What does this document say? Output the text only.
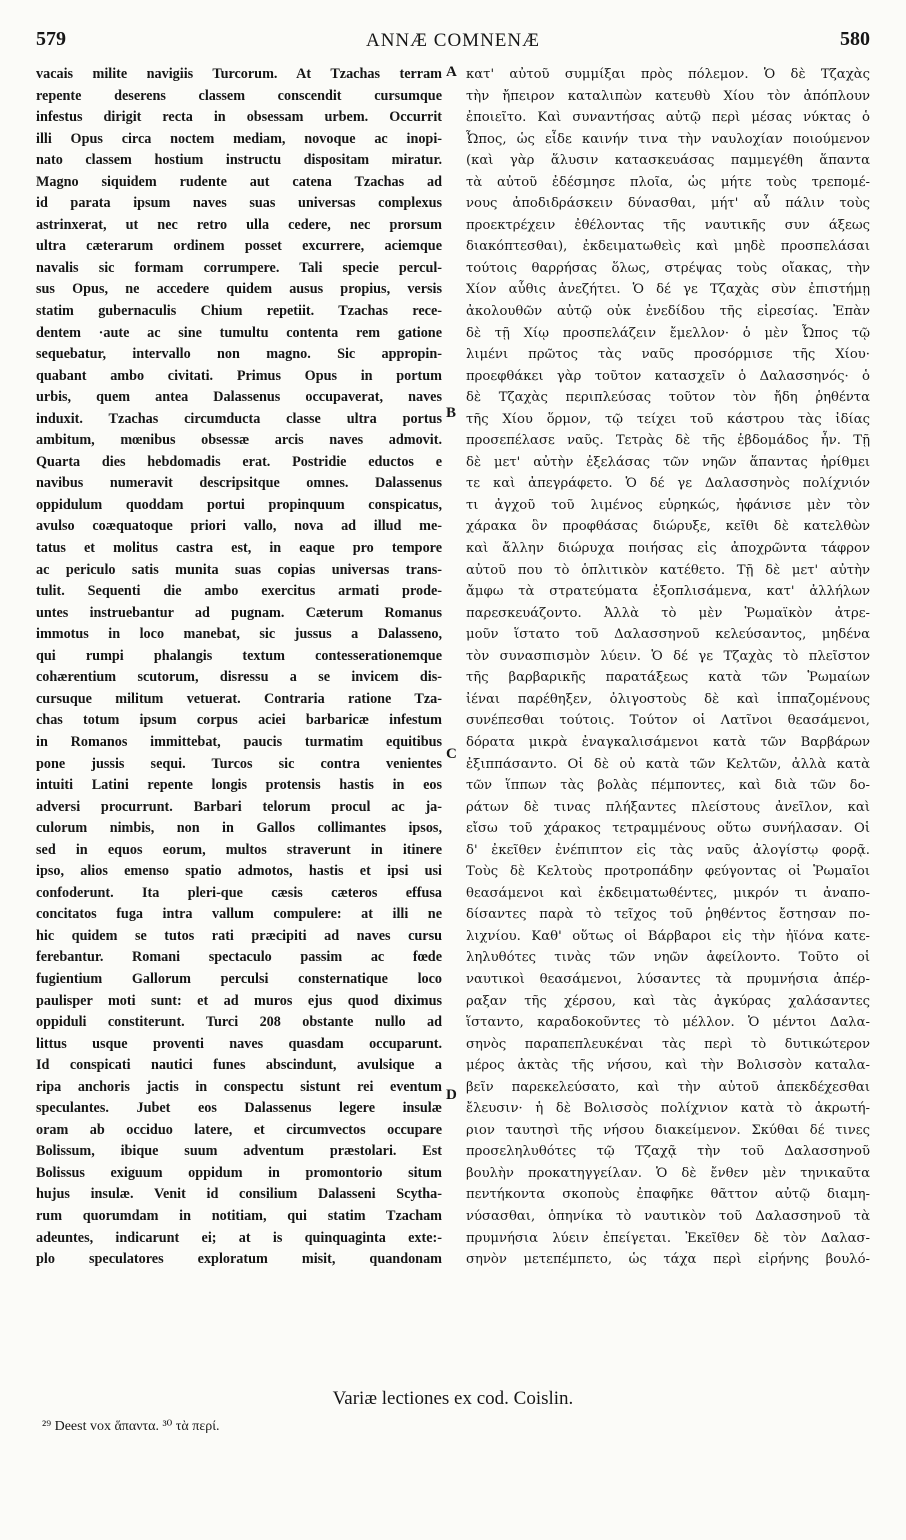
579	ANNÆ COMNENÆ	580
vacais milite navigiis Turcorum. At Tzachas terram
repente deserens classem conscendit cursumque
infestus dirigit recta in obsessam urbem. Occurrit
illi Opus circa noctem mediam, novoque ac inopi-
nato classem hostium instructu dispositam miratur.
Magno siquidem rudente aut catena Tzachas ad
id parata ipsum naves suas universas complexus
astrinxerat, ut nec retro ulla cedere, nec prorsum
ultra cæterarum ordinem posset excurrere, aciemque
navalis sic formam corrumpere. Tali specie percul-
sus Opus, ne accedere quidem ausus propius, versis
statim gubernaculis Chium repetiit. Tzachas rece-
dentem ·aute ac sine tumultu contenta rem gatione
sequebatur, intervallo non magno. Sic appropin-
quabant ambo civitati. Primus Opus in portum
urbis, quem antea Dalassenus occupaverat, naves
induxit. Tzachas circumducta classe ultra portus
ambitum, mœnibus obsessæ arcis naves admovit.
Quarta dies hebdomadis erat. Postridie eductos e
navibus numeravit descripsitque omnes. Dalassenus
oppidulum quoddam portui propinquum conspicatus,
avulso coæquatoque priori vallo, nova ad illud me-
tatus et molitus castra est, in eaque pro tempore
ac periculo satis munita suas copias universas trans-
tulit. Sequenti die ambo exercitus armati prode-
untes instruebantur ad pugnam. Cæterum Romanus
immotus in loco manebat, sic jussus a Dalasseno,
qui rumpi phalangis textum contesserationemque
cohærentium scutorum, disressu a se invicem dis-
cursuque militum vetuerat. Contraria ratione Tza-
chas totum ipsum corpus aciei barbaricæ infestum
in Romanos immittebat, paucis turmatim equitibus
pone jussis sequi. Turcos sic contra venientes
intuiti Latini repente longis protensis hastis in eos
adversi procurrunt. Barbari telorum procul ac ja-
culorum nimbis, non in Gallos collimantes ipsos,
sed in equos eorum, multos straverunt in itinere
ipso, alios emenso spatio admotos, hastis et ipsi usi
confoderunt. Ita pleri-que cæsis cæteros effusa
concitatos fuga intra vallum compulere: at illi ne
hic quidem se tutos rati præcipiti ad naves cursu
ferebantur. Romani spectaculo passim ac fœde
fugientium Gallorum perculsi consternatique loco
paulisper moti sunt: et ad muros ejus quod diximus
oppiduli constiterunt. Turci 208 obstante nullo ad
littus usque proventi naves quasdam occuparunt.
Id conspicati nautici funes abscindunt, avulsique a
ripa anchoris jactis in conspectu sistunt rei eventum
speculantes. Jubet eos Dalassenus legere insulæ
oram ab occiduo latere, et circumvectos occupare
Bolissum, ibique suum adventum præstolari. Est
Bolissus exiguum oppidum in promontorio situm
hujus insulæ. Venit id consilium Dalasseni Scytha-
rum quorumdam in notitiam, qui statim Tzacham
adeuntes, indicarunt ei; at is quinquaginta exte:-
plo speculatores exploratum misit, quandonam
A
B
C
D
κατ' αὐτοῦ συμμίξαι πρὸς πόλεμον. Ὁ δὲ Τζαχὰς
τὴν ἤπειρον καταλιπὼν κατευθὺ Χίου τὸν ἀπόπλουν
ἐποιεῖτο. Καὶ συναντήσας αὐτῷ περὶ μέσας νύκτας ὁ
Ὦπος, ὡς εἶδε καινήν τινα τὴν ναυλοχίαν ποιούμενον
(καὶ γὰρ ἅλυσιν κατασκευάσας παμμεγέθη ἅπαντα
τὰ αὐτοῦ ἐδέσμησε πλοῖα, ὡς μήτε τοὺς τρεπομέ-
νους ἀποδιδράσκειν δύνασθαι, μήτ' αὖ πάλιν τοὺς
προεκτρέχειν ἐθέλοντας τῆς ναυτικῆς συν άξεως
διακόπτεσθαι), ἐκδειματωθεὶς καὶ μηδὲ προσπελάσαι
τούτοις θαρρήσας ὅλως, στρέψας τοὺς οἴακας, τὴν
Χίον αὖθις ἀνεζήτει. Ὁ δέ γε Τζαχὰς σὺν ἐπιστήμῃ
ἀκολουθῶν αὐτῷ οὐκ ἐνεδίδου τῆς εἰρεσίας. Ἐπὰν
δὲ τῇ Χίῳ προσπελάζειν ἔμελλον· ὁ μὲν Ὦπος τῷ
λιμένι πρῶτος τὰς ναῦς προσόρμισε τῆς Χίου·
προεφθάκει γὰρ τοῦτον κατασχεῖν ὁ Δαλασσηνός· ὁ
δὲ Τζαχὰς περιπλεύσας τοῦτον τὸν ἤδη ῥηθέντα
τῆς Χίου ὅρμον, τῷ τείχει τοῦ κάστρου τὰς ἰδίας
προσεπέλασε ναῦς. Τετρὰς δὲ τῆς ἑβδομάδος ἦν. Τῇ
δὲ μετ' αὐτὴν ἐξελάσας τῶν νηῶν ἅπαντας ἠρίθμει
τε καὶ ἀπεγράφετο. Ὁ δέ γε Δαλασσηνὸς πολίχνιόν
τι ἀγχοῦ τοῦ λιμένος εὑρηκώς, ἠφάνισε μὲν τὸν
χάρακα ὃν προφθάσας διώρυξε, κεῖθι δὲ κατελθὼν
καὶ ἄλλην διώρυχα ποιήσας εἰς ἀποχρῶντα τάφρον
αὐτοῦ που τὸ ὁπλιτικὸν κατέθετο. Τῇ δὲ μετ' αὐτὴν
ἄμφω τὰ στρατεύματα ἐξοπλισάμενα, κατ' ἀλλήλων
παρεσκευάζοντο. Ἀλλὰ τὸ μὲν Ῥωμαϊκὸν ἀτρε-
μοῦν ἵστατο τοῦ Δαλασσηνοῦ κελεύσαντος, μηδένα
τὸν συνασπισμὸν λύειν. Ὁ δέ γε Τζαχὰς τὸ πλεῖστον
τῆς βαρβαρικῆς παρατάξεως κατὰ τῶν Ῥωμαίων
ἰέναι παρέθηξεν, ὀλιγοστοὺς δὲ καὶ ἱππαζομένους
συνέπεσθαι τούτοις. Τούτον οἱ Λατῖνοι θεασάμενοι,
δόρατα μικρὰ ἐναγκαλισάμενοι κατὰ τῶν Βαρβάρων
ἐξιππάσαντο. Οἱ δὲ οὐ κατὰ τῶν Κελτῶν, ἀλλὰ κατὰ
τῶν ἵππων τὰς βολὰς πέμποντες, καὶ διὰ τῶν δο-
ράτων δὲ τινας πλήξαντες πλείστους ἀνεῖλον, καὶ
εἴσω τοῦ χάρακος τετραμμένους οὕτω συνήλασαν. Οἱ
δ' ἐκεῖθεν ἐνέπιπτον εἰς τὰς ναῦς ἀλογίστῳ φορᾷ.
Τοὺς δὲ Κελτοὺς προτροπάδην φεύγοντας οἱ Ῥωμαῖοι
θεασάμενοι καὶ ἐκδειματωθέντες, μικρόν τι ἀναπο-
δίσαντες παρὰ τὸ τεῖχος τοῦ ῥηθέντος ἔστησαν πο-
λιχνίου. Καθ' οὕτως οἱ Βάρβαροι εἰς τὴν ἠϊόνα κατε-
ληλυθότες τινὰς τῶν νηῶν ἀφείλοντο. Τοῦτο οἱ
ναυτικοὶ θεασάμενοι, λύσαντες τὰ πρυμνήσια ἀπέρ-
ραξαν τῆς χέρσου, καὶ τὰς ἀγκύρας χαλάσαντες
ἵσταντο, καραδοκοῦντες τὸ μέλλον. Ὁ μέντοι Δαλα-
σηνὸς παραπεπλευκέναι τὰς περὶ τὸ δυτικώτερον
μέρος ἀκτὰς τῆς νήσου, καὶ τὴν Βολισσὸν καταλα-
βεῖν παρεκελεύσατο, καὶ τὴν αὐτοῦ ἀπεκδέχεσθαι
ἔλευσιν· ἡ δὲ Βολισσὸς πολίχνιον κατὰ τὸ ἀκρωτή-
ριον ταυτησὶ τῆς νήσου διακείμενον. Σκύθαι δέ τινες
προσεληλυθότες τῷ Τζαχᾷ τὴν τοῦ Δαλασσηνοῦ
βουλὴν προκατηγγείλαν. Ὁ δὲ ἔνθεν μὲν τηνικαῦτα
πεντήκοντα σκοποὺς ἐπαφῆκε θᾶττον αὐτῷ διαμη-
νύσασθαι, ὁπηνίκα τὸ ναυτικὸν τοῦ Δαλασσηνοῦ τὰ
πρυμνήσια λύειν ἐπείγεται. Ἐκεῖθεν δὲ τὸν Δαλασ-
σηνὸν μετεπέμπετο, ὡς τάχα περὶ εἰρήνης βουλό-
Variæ lectiones ex cod. Coislin.
²⁹ Deest vox ἅπαντα. ³⁰ τὰ περί.
